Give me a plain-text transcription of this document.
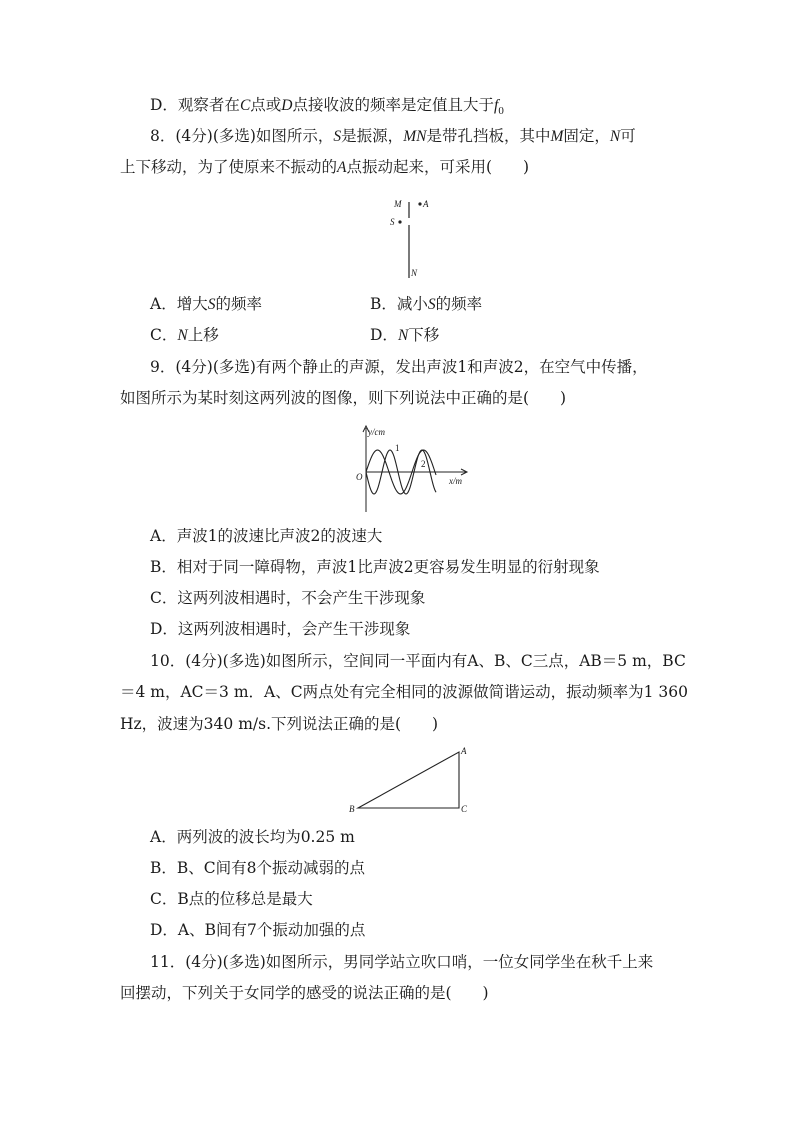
D．观察者在C点或D点接收波的频率是定值且大于$f_0$
8．(4分)(多选)如图所示，S是振源，MN是带孔挡板，其中M固定，N可
上下移动，为了使原来不振动的A点振动起来，可采用(　　)
M A
S
N
A．增大S的频率	B．减小S的频率
C．N上移	D．N下移
9．(4分)(多选)有两个静止的声源，发出声波1和声波2，在空气中传播，
如图所示为某时刻这两列波的图像，则下列说法中正确的是(　　)
y/cm
x/m
O
1
2
A．声波1的波速比声波2的波速大
B．相对于同一障碍物，声波1比声波2更容易发生明显的衍射现象
C．这两列波相遇时，不会产生干涉现象
D．这两列波相遇时，会产生干涉现象
10．(4分)(多选)如图所示，空间同一平面内有A、B、C三点，AB＝5 m，BC
＝4 m，AC＝3 m．A、C两点处有完全相同的波源做简谐运动，振动频率为1 360
Hz，波速为340 m/s.下列说法正确的是(　　)
A
B	C
A．两列波的波长均为0.25 m
B．B、C间有8个振动减弱的点
C．B点的位移总是最大
D．A、B间有7个振动加强的点
11．(4分)(多选)如图所示，男同学站立吹口哨，一位女同学坐在秋千上来
回摆动，下列关于女同学的感受的说法正确的是(　　)
